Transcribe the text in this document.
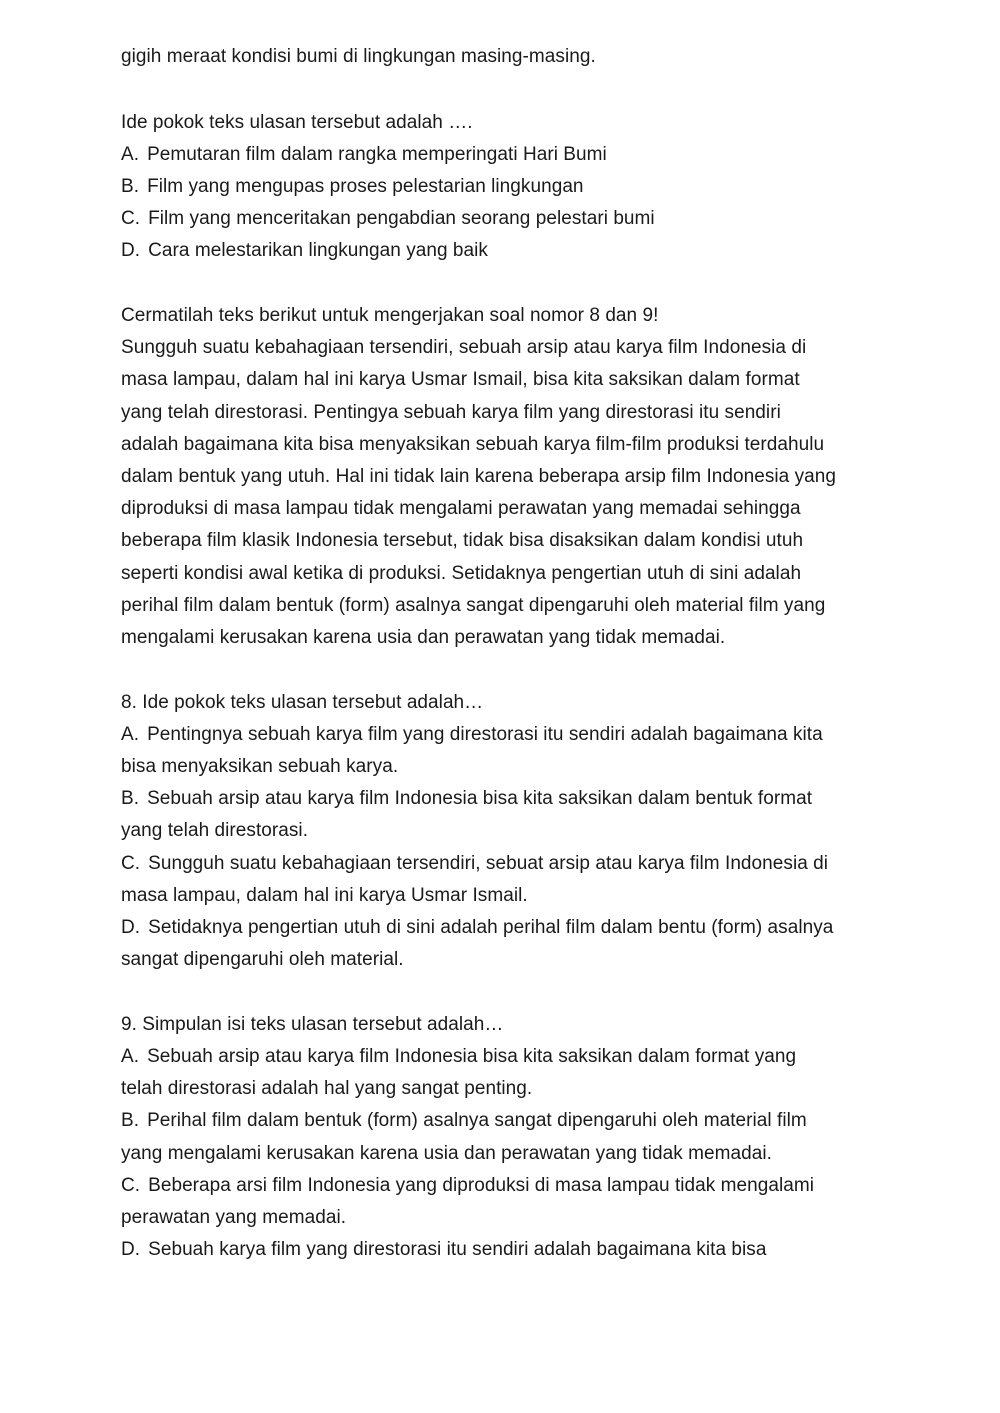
gigih meraat kondisi bumi di lingkungan masing-masing.
Ide pokok teks ulasan tersebut adalah ….
A. Pemutaran film dalam rangka memperingati Hari Bumi
B. Film yang mengupas proses pelestarian lingkungan
C. Film yang menceritakan pengabdian seorang pelestari bumi
D. Cara melestarikan lingkungan yang baik
Cermatilah teks berikut untuk mengerjakan soal nomor 8 dan 9!
Sungguh suatu kebahagiaan tersendiri, sebuah arsip atau karya film Indonesia di
masa lampau, dalam hal ini karya Usmar Ismail, bisa kita saksikan dalam format
yang telah direstorasi. Pentingya sebuah karya film yang direstorasi itu sendiri
adalah bagaimana kita bisa menyaksikan sebuah karya film-film produksi terdahulu
dalam bentuk yang utuh. Hal ini tidak lain karena beberapa arsip film Indonesia yang
diproduksi di masa lampau tidak mengalami perawatan yang memadai sehingga
beberapa film klasik Indonesia tersebut, tidak bisa disaksikan dalam kondisi utuh
seperti kondisi awal ketika di produksi. Setidaknya pengertian utuh di sini adalah
perihal film dalam bentuk (form) asalnya sangat dipengaruhi oleh material film yang
mengalami kerusakan karena usia dan perawatan yang tidak memadai.
8. Ide pokok teks ulasan tersebut adalah…
A. Pentingnya sebuah karya film yang direstorasi itu sendiri adalah bagaimana kita
bisa menyaksikan sebuah karya.
B. Sebuah arsip atau karya film Indonesia bisa kita saksikan dalam bentuk format
yang telah direstorasi.
C. Sungguh suatu kebahagiaan tersendiri, sebuat arsip atau karya film Indonesia di
masa lampau, dalam hal ini karya Usmar Ismail.
D. Setidaknya pengertian utuh di sini adalah perihal film dalam bentu (form) asalnya
sangat dipengaruhi oleh material.
9. Simpulan isi teks ulasan tersebut adalah…
A. Sebuah arsip atau karya film Indonesia bisa kita saksikan dalam format yang
telah direstorasi adalah hal yang sangat penting.
B. Perihal film dalam bentuk (form) asalnya sangat dipengaruhi oleh material film
yang mengalami kerusakan karena usia dan perawatan yang tidak memadai.
C. Beberapa arsi film Indonesia yang diproduksi di masa lampau tidak mengalami
perawatan yang memadai.
D. Sebuah karya film yang direstorasi itu sendiri adalah bagaimana kita bisa
